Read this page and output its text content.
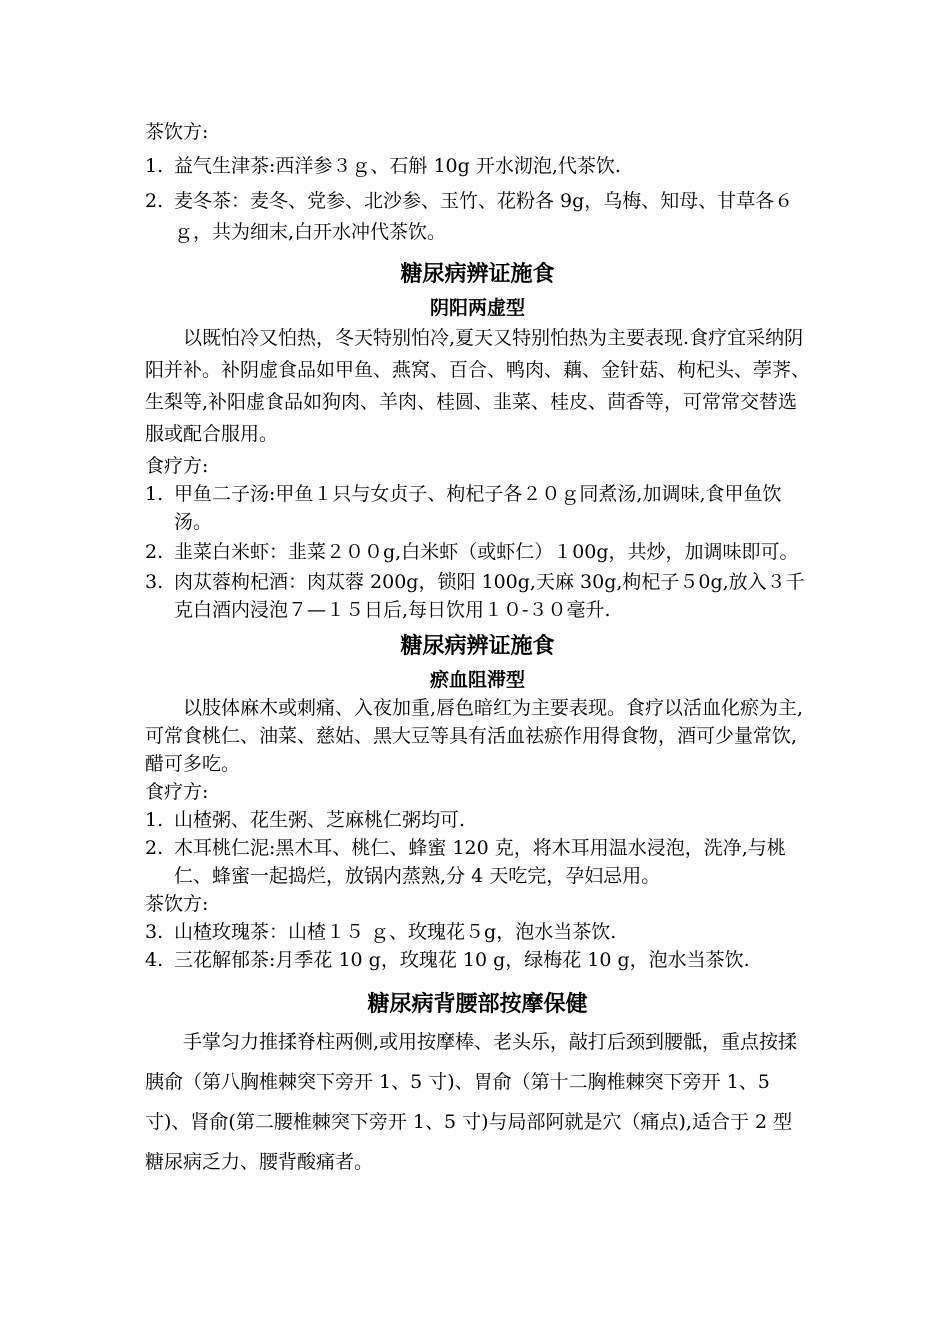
茶饮方:
1. 益气生津茶:西洋参３ｇ、石斛 10g 开水沏泡,代茶饮.
2. 麦冬茶：麦冬、党参、北沙参、玉竹、花粉各 9g，乌梅、知母、甘草各６ｇ，共为细末,白开水冲代茶饮。
糖尿病辨证施食
阴阳两虚型
以既怕冷又怕热，冬天特别怕冷,夏天又特别怕热为主要表现.食疗宜采纳阴阳并补。补阴虚食品如甲鱼、燕窝、百合、鸭肉、藕、金针菇、枸杞头、荸荠、生梨等,补阳虚食品如狗肉、羊肉、桂圆、韭菜、桂皮、茴香等，可常常交替选服或配合服用。
食疗方:
1. 甲鱼二子汤:甲鱼１只与女贞子、枸杞子各２０ｇ同煮汤,加调味,食甲鱼饮汤。
2. 韭菜白米虾：韭菜２００g,白米虾（或虾仁）１00g，共炒，加调味即可。
3. 肉苁蓉枸杞酒：肉苁蓉 200g，锁阳 100g,天麻 30g,枸杞子５0g,放入３千克白酒内浸泡７—１５日后,每日饮用１０-３０毫升.
糖尿病辨证施食
瘀血阻滞型
以肢体麻木或刺痛、入夜加重,唇色暗红为主要表现。食疗以活血化瘀为主,可常食桃仁、油菜、慈姑、黑大豆等具有活血祛瘀作用得食物，酒可少量常饮,醋可多吃。
食疗方:
1. 山楂粥、花生粥、芝麻桃仁粥均可.
2. 木耳桃仁泥:黑木耳、桃仁、蜂蜜 120 克，将木耳用温水浸泡，洗净,与桃仁、蜂蜜一起捣烂，放锅内蒸熟,分 4 天吃完，孕妇忌用。
茶饮方:
3. 山楂玫瑰茶：山楂１５ ｇ、玫瑰花５g，泡水当茶饮.
4. 三花解郁茶:月季花 10 g，玫瑰花 10 g，绿梅花 10 g，泡水当茶饮.
糖尿病背腰部按摩保健
手掌匀力推揉脊柱两侧,或用按摩棒、老头乐，敲打后颈到腰骶，重点按揉胰俞（第八胸椎棘突下旁开 1、5 寸)、胃俞（第十二胸椎棘突下旁开 1、5 寸)、肾俞(第二腰椎棘突下旁开 1、5 寸)与局部阿就是穴（痛点),适合于 2 型糖尿病乏力、腰背酸痛者。
